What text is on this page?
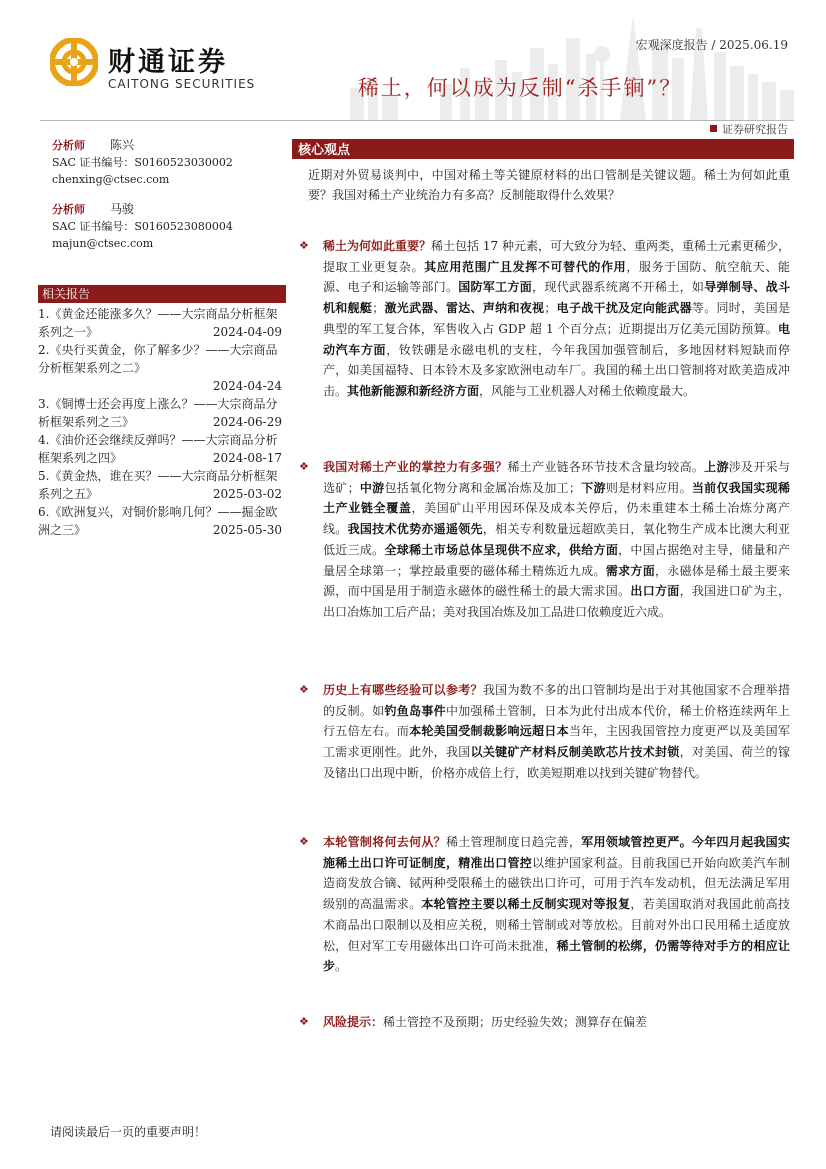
财通证券
CAITONG SECURITIES
宏观深度报告 / 2025.06.19
稀土，何以成为反制“杀手锏”？
证券研究报告
分析师 陈兴
SAC 证书编号：S0160523030002
chenxing@ctsec.com
分析师 马骏
SAC 证书编号：S0160523080004
majun@ctsec.com
相关报告
1.《黄金还能涨多久？——大宗商品分析框架系列之一》	2024-04-09
2.《央行买黄金，你了解多少？——大宗商品分析框架系列之二》
2024-04-24
3.《铜博士还会再度上涨么？——大宗商品分析框架系列之三》	2024-06-29
4.《油价还会继续反弹吗？——大宗商品分析框架系列之四》	2024-08-17
5.《黄金热，谁在买？——大宗商品分析框架系列之五》	2025-03-02
6.《欧洲复兴，对铜价影响几何？——掘金欧洲之三》	2025-05-30
核心观点
近期对外贸易谈判中，中国对稀土等关键原材料的出口管制是关键议题。稀土为何如此重要？我国对稀土产业统治力有多高？反制能取得什么效果？
❖	稀土为何如此重要？稀土包括 17 种元素，可大致分为轻、重两类，重稀土元素更稀少，提取工业更复杂。其应用范围广且发挥不可替代的作用，服务于国防、航空航天、能源、电子和运输等部门。国防军工方面，现代武器系统离不开稀土，如导弹制导、战斗机和舰艇；激光武器、雷达、声纳和夜视；电子战干扰及定向能武器等。同时，美国是典型的军工复合体，军售收入占 GDP 超 1 个百分点；近期提出万亿美元国防预算。电动汽车方面，钕铁硼是永磁电机的支柱，今年我国加强管制后，多地因材料短缺而停产，如美国福特、日本铃木及多家欧洲电动车厂。我国的稀土出口管制将对欧美造成冲击。其他新能源和新经济方面，风能与工业机器人对稀土依赖度最大。
❖	我国对稀土产业的掌控力有多强？稀土产业链各环节技术含量均较高。上游涉及开采与选矿；中游包括氧化物分离和金属冶炼及加工；下游则是材料应用。当前仅我国实现稀土产业链全覆盖，美国矿山平用因环保及成本关停后，仍未重建本土稀土冶炼分离产线。我国技术优势亦遥遥领先，相关专利数量远超欧美日，氧化物生产成本比澳大利亚低近三成。全球稀土市场总体呈现供不应求，供给方面，中国占据绝对主导，储量和产量居全球第一；掌控最重要的磁体稀土精炼近九成。需求方面，永磁体是稀土最主要来源，而中国是用于制造永磁体的磁性稀土的最大需求国。出口方面，我国进口矿为主，出口冶炼加工后产品；美对我国冶炼及加工品进口依赖度近六成。
❖	历史上有哪些经验可以参考？我国为数不多的出口管制均是出于对其他国家不合理举措的反制。如钓鱼岛事件中加强稀土管制，日本为此付出成本代价，稀土价格连续两年上行五倍左右。而本轮美国受制裁影响远超日本当年，主因我国管控力度更严以及美国军工需求更刚性。此外，我国以关键矿产材料反制美欧芯片技术封锁，对美国、荷兰的镓及锗出口出现中断，价格亦成倍上行，欧美短期难以找到关键矿物替代。
❖	本轮管制将何去何从？稀土管理制度日趋完善，军用领域管控更严。今年四月起我国实施稀土出口许可证制度，精准出口管控以维护国家利益。目前我国已开始向欧美汽车制造商发放合镝、铽两种受限稀土的磁铁出口许可，可用于汽车发动机，但无法满足军用级别的高温需求。本轮管控主要以稀土反制实现对等报复，若美国取消对我国此前高技术商品出口限制以及相应关税，则稀土管制或对等放松。目前对外出口民用稀土适度放松，但对军工专用磁体出口许可尚未批准，稀土管制的松绑，仍需等待对手方的相应让步。
❖	风险提示：稀土管控不及预期；历史经验失效；测算存在偏差
请阅读最后一页的重要声明！
